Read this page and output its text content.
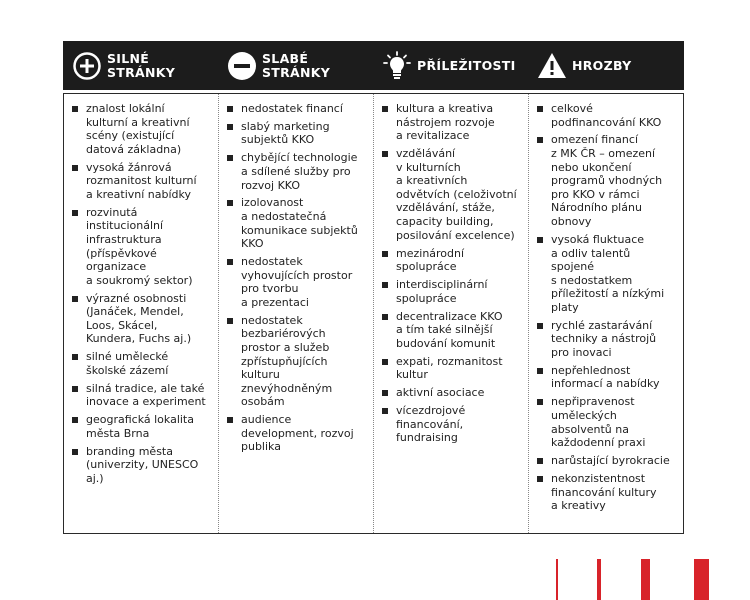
SILNÉ
STRÁNKY
SLABÉ
STRÁNKY	PŘÍLEŽITOSTI	HROZBY
znalost lokální
kulturní a kreativní
scény (existující
datová základna)
vysoká žánrová
rozmanitost kulturní
a kreativní nabídky
rozvinutá
institucionální
infrastruktura
(příspěvkové
organizace
a soukromý sektor)
výrazné osobnosti
(Janáček, Mendel,
Loos, Skácel,
Kundera, Fuchs aj.)
silné umělecké
školské zázemí
silná tradice, ale také
inovace a experiment
geografická lokalita
města Brna
branding města
(univerzity, UNESCO
aj.)
nedostatek financí
slabý marketing
subjektů KKO
chybějící technologie
a sdílené služby pro
rozvoj KKO
izolovanost
a nedostatečná
komunikace subjektů
KKO
nedostatek
vyhovujících prostor
pro tvorbu
a prezentaci
nedostatek
bezbariérových
prostor a služeb
zpřístupňujících
kulturu
znevýhodněným
osobám
audience
development, rozvoj
publika
kultura a kreativa
nástrojem rozvoje
a revitalizace
vzdělávání
v kulturních
a kreativních
odvětvích (celoživotní
vzdělávání, stáže,
capacity building,
posilování excelence)
mezinárodní
spolupráce
interdisciplinární
spolupráce
decentralizace KKO
a tím také silnější
budování komunit
expati, rozmanitost
kultur
aktivní asociace
vícezdrojové
financování,
fundraising
celkové
podfinancování KKO
omezení financí
z MK ČR – omezení
nebo ukončení
programů vhodných
pro KKO v rámci
Národního plánu
obnovy
vysoká fluktuace
a odliv talentů
spojené
s nedostatkem
příležitostí a nízkými
platy
rychlé zastarávání
techniky a nástrojů
pro inovaci
nepřehlednost
informací a nabídky
nepřipravenost
uměleckých
absolventů na
každodenní praxi
narůstající byrokracie
nekonzistentnost
financování kultury
a kreativy
